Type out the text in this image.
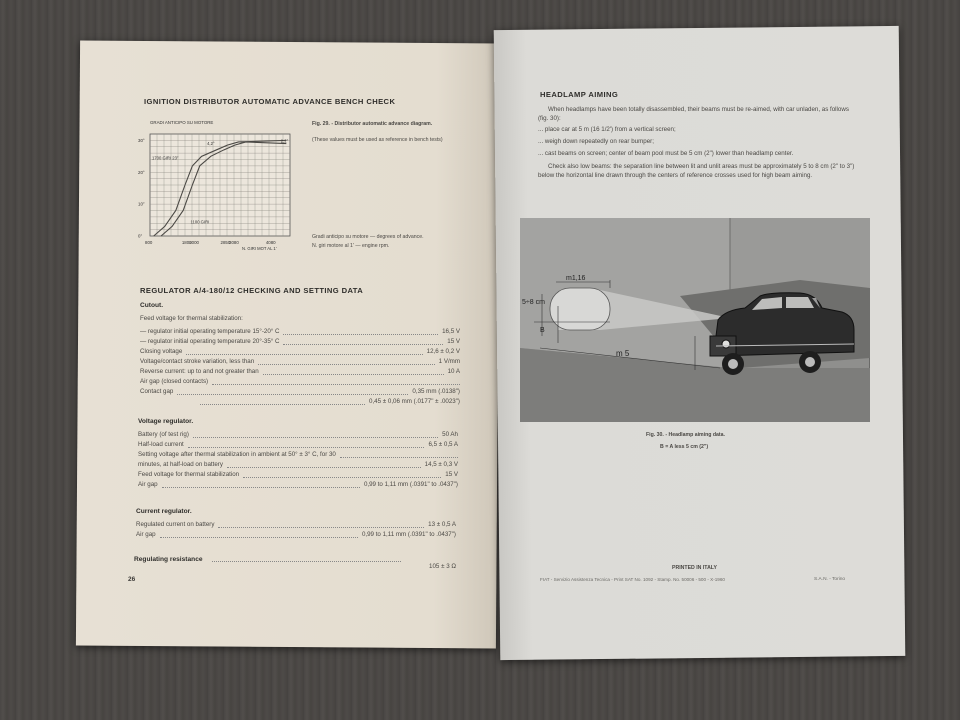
IGNITION DISTRIBUTOR AUTOMATIC ADVANCE BENCH CHECK
GRADI ANTICIPO SU MOTORE
0°
10°
20°
30°
800	1800
2000	2850
3080	4080
N. GIRI MOT AL 1'
4,2°
2,2°
1700 GIRI 23°
1100 GIRI
Fig. 29. - Distributor automatic advance diagram.
(These values must be used as reference in bench tests)
Gradi anticipo su motore — degrees of advance.
N. giri motore al 1' — engine rpm.
REGULATOR A/4-180/12 CHECKING AND SETTING DATA
Cutout.
Feed voltage for thermal stabilization:
— regulator initial operating temperature 15°-20° C	16,5 V
— regulator initial operating temperature 20°-35° C	15 V
Closing voltage	12,6 ± 0,2 V
Voltage/contact stroke variation, less than	1 V/mm
Reverse current: up to and not greater than	10 A
Air gap (closed contacts)
Contact gap	0,35 mm (.0138")
0,45 ± 0,06 mm (.0177" ± .0023")
Voltage regulator.
Battery (of test rig)	50 Ah
Half-load current	6,5 ± 0,5 A
Setting voltage after thermal stabilization in ambient at 50° ± 3° C, for 30
minutes, at half-load on battery	14,5 ± 0,3 V
Feed voltage for thermal stabilization	15 V
Air gap	0,99 to 1,11 mm (.0391" to .0437")
Current regulator.
Regulated current on battery	13 ± 0,5 A
Air gap	0,99 to 1,11 mm (.0391" to .0437")
Regulating resistance
105 ± 3 Ω
26
HEADLAMP AIMING
When headlamps have been totally disassembled, their beams must be re-aimed, with car unladen, as follows (fig. 30):
... place car at 5 m (16 1/2') from a vertical screen;
... weigh down repeatedly on rear bumper;
... cast beams on screen; center of beam pool must be 5 cm (2") lower than headlamp center.
Check also low beams: the separation line between lit and unlit areas must be approximately 5 to 8 cm (2" to 3") below the horizontal line drawn through the centers of reference crosses used for high beam aiming.
m1,16
5÷8 cm
B
m 5
Fig. 30. - Headlamp aiming data.
B = A less 5 cm (2")
PRINTED IN ITALY
FIAT - Servizio Assistenza Tecnica - Print SAT No. 1092 - Stamp. No. 50006 - 500 - X-1960	S.A.N. - Torino
